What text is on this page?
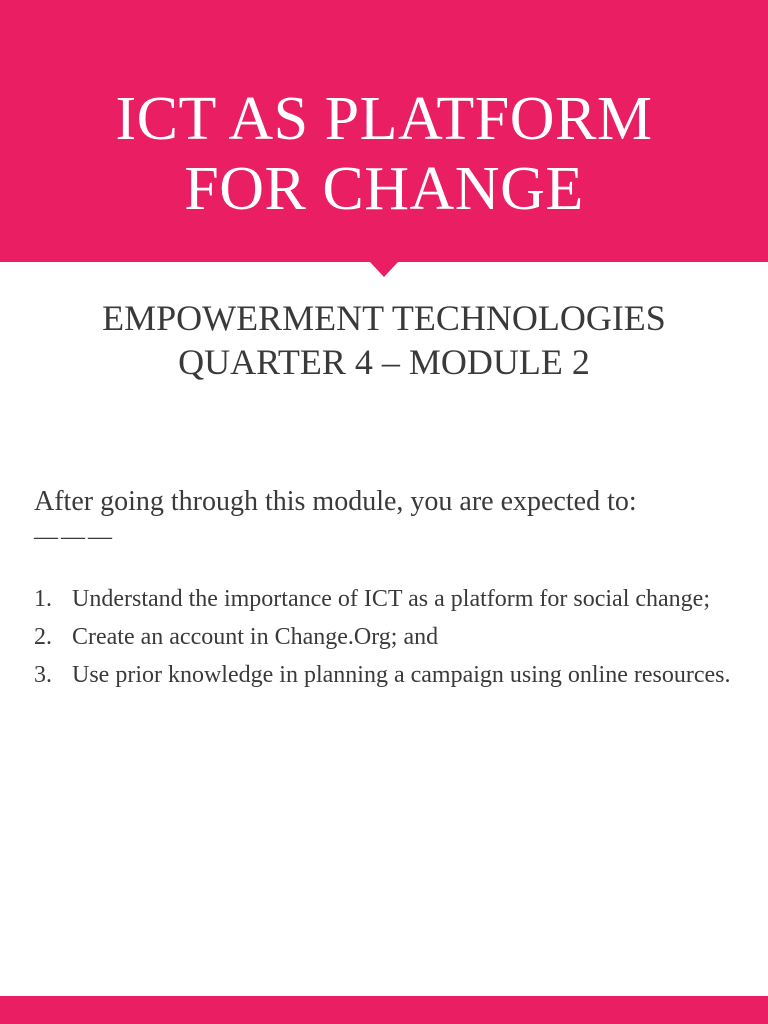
ICT AS PLATFORM
FOR CHANGE
EMPOWERMENT TECHNOLOGIES
QUARTER 4 – MODULE 2

After going through this module, you are expected to:

———

1. Understand the importance of ICT as a platform for social change;
2. Create an account in Change.Org; and
3. Use prior knowledge in planning a campaign using online resources.
